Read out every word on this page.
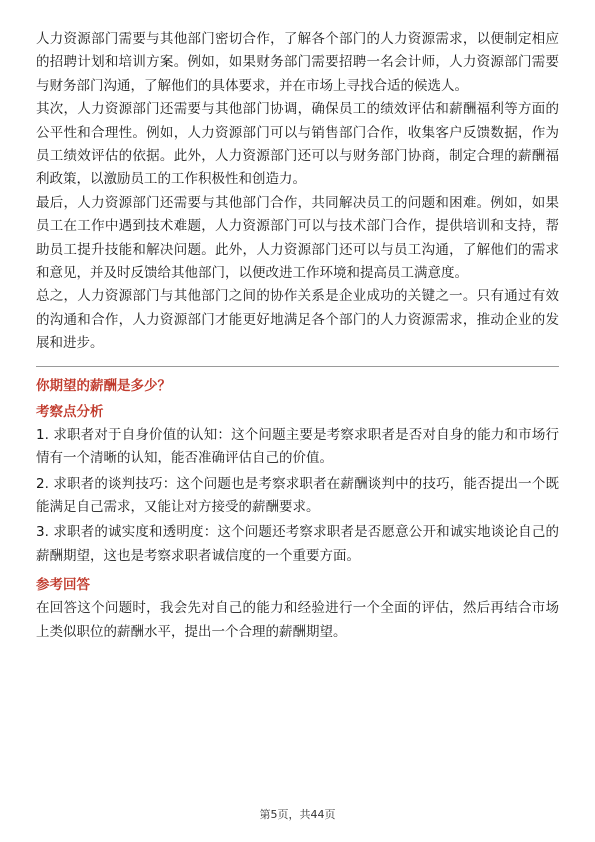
人力资源部门需要与其他部门密切合作，了解各个部门的人力资源需求，以便制定相应的招聘计划和培训方案。例如，如果财务部门需要招聘一名会计师，人力资源部门需要与财务部门沟通，了解他们的具体要求，并在市场上寻找合适的候选人。

其次，人力资源部门还需要与其他部门协调，确保员工的绩效评估和薪酬福利等方面的公平性和合理性。例如，人力资源部门可以与销售部门合作，收集客户反馈数据，作为员工绩效评估的依据。此外，人力资源部门还可以与财务部门协商，制定合理的薪酬福利政策，以激励员工的工作积极性和创造力。

最后，人力资源部门还需要与其他部门合作，共同解决员工的问题和困难。例如，如果员工在工作中遇到技术难题，人力资源部门可以与技术部门合作，提供培训和支持，帮助员工提升技能和解决问题。此外，人力资源部门还可以与员工沟通，了解他们的需求和意见，并及时反馈给其他部门，以便改进工作环境和提高员工满意度。

总之，人力资源部门与其他部门之间的协作关系是企业成功的关键之一。只有通过有效的沟通和合作，人力资源部门才能更好地满足各个部门的人力资源需求，推动企业的发展和进步。

你期望的薪酬是多少？

考察点分析

1. 求职者对于自身价值的认知：这个问题主要是考察求职者是否对自身的能力和市场行情有一个清晰的认知，能否准确评估自己的价值。

2. 求职者的谈判技巧：这个问题也是考察求职者在薪酬谈判中的技巧，能否提出一个既能满足自己需求，又能让对方接受的薪酬要求。

3. 求职者的诚实度和透明度：这个问题还考察求职者是否愿意公开和诚实地谈论自己的薪酬期望，这也是考察求职者诚信度的一个重要方面。

参考回答

在回答这个问题时，我会先对自己的能力和经验进行一个全面的评估，然后再结合市场上类似职位的薪酬水平，提出一个合理的薪酬期望。

第5页，共44页
